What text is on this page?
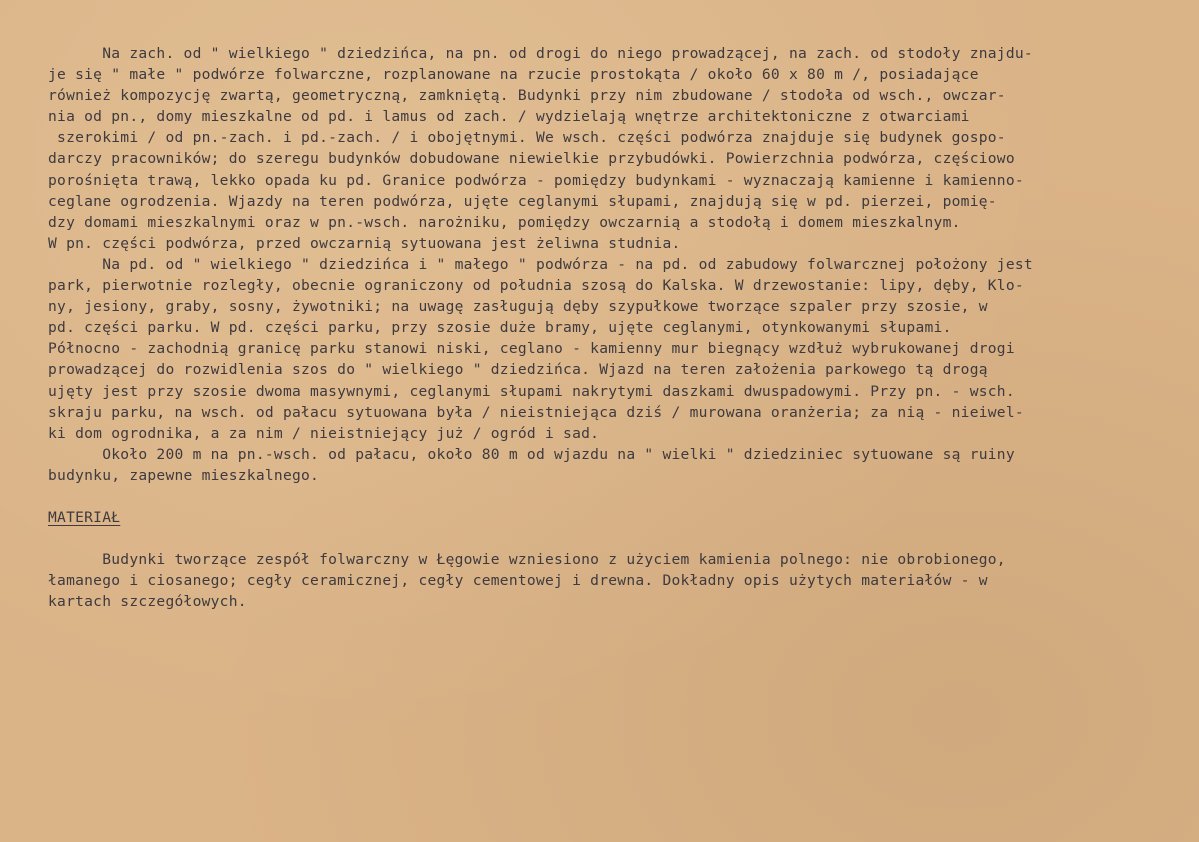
Na zach. od " wielkiego " dziedzińca, na pn. od drogi do niego prowadzącej, na zach. od stodoły znajdu-
je się " małe " podwórze folwarczne, rozplanowane na rzucie prostokąta / około 60 x 80 m /, posiadające
również kompozycję zwartą, geometryczną, zamkniętą. Budynki przy nim zbudowane / stodoła od wsch., owczar-
nia od pn., domy mieszkalne od pd. i lamus od zach. / wydzielają wnętrze architektoniczne z otwarciami
szerokimi / od pn.-zach. i pd.-zach. / i obojętnymi. We wsch. części podwórza znajduje się budynek gospo-
darczy pracowników; do szeregu budynków dobudowane niewielkie przybudówki. Powierzchnia podwórza, częściowo
porośnięta trawą, lekko opada ku pd. Granice podwórza - pomiędzy budynkami - wyznaczają kamienne i kamienno-
ceglane ogrodzenia. Wjazdy na teren podwórza, ujęte ceglanymi słupami, znajdują się w pd. pierzei, pomię-
dzy domami mieszkalnymi oraz w pn.-wsch. narożniku, pomiędzy owczarnią a stodołą i domem mieszkalnym.
W pn. części podwórza, przed owczarnią sytuowana jest żeliwna studnia.
Na pd. od " wielkiego " dziedzińca i " małego " podwórza - na pd. od zabudowy folwarcznej położony jest
park, pierwotnie rozległy, obecnie ograniczony od południa szosą do Kalska. W drzewostanie: lipy, dęby, Klo-
ny, jesiony, graby, sosny, żywotniki; na uwagę zasługują dęby szypułkowe tworzące szpaler przy szosie, w
pd. części parku. W pd. części parku, przy szosie duże bramy, ujęte ceglanymi, otynkowanymi słupami.
Północno - zachodnią granicę parku stanowi niski, ceglano - kamienny mur biegnący wzdłuż wybrukowanej drogi
prowadzącej do rozwidlenia szos do " wielkiego " dziedzińca. Wjazd na teren założenia parkowego tą drogą
ujęty jest przy szosie dwoma masywnymi, ceglanymi słupami nakrytymi daszkami dwuspadowymi. Przy pn. - wsch.
skraju parku, na wsch. od pałacu sytuowana była / nieistniejąca dziś / murowana oranżeria; za nią - nieiwel-
ki dom ogrodnika, a za nim / nieistniejący już / ogród i sad.
Około 200 m na pn.-wsch. od pałacu, około 80 m od wjazdu na " wielki " dziedziniec sytuowane są ruiny
budynku, zapewne mieszkalnego.
MATERIAŁ
Budynki tworzące zespół folwarczny w Łęgowie wzniesiono z użyciem kamienia polnego: nie obrobionego,
łamanego i ciosanego; cegły ceramicznej, cegły cementowej i drewna. Dokładny opis użytych materiałów - w
kartach szczegółowych.
